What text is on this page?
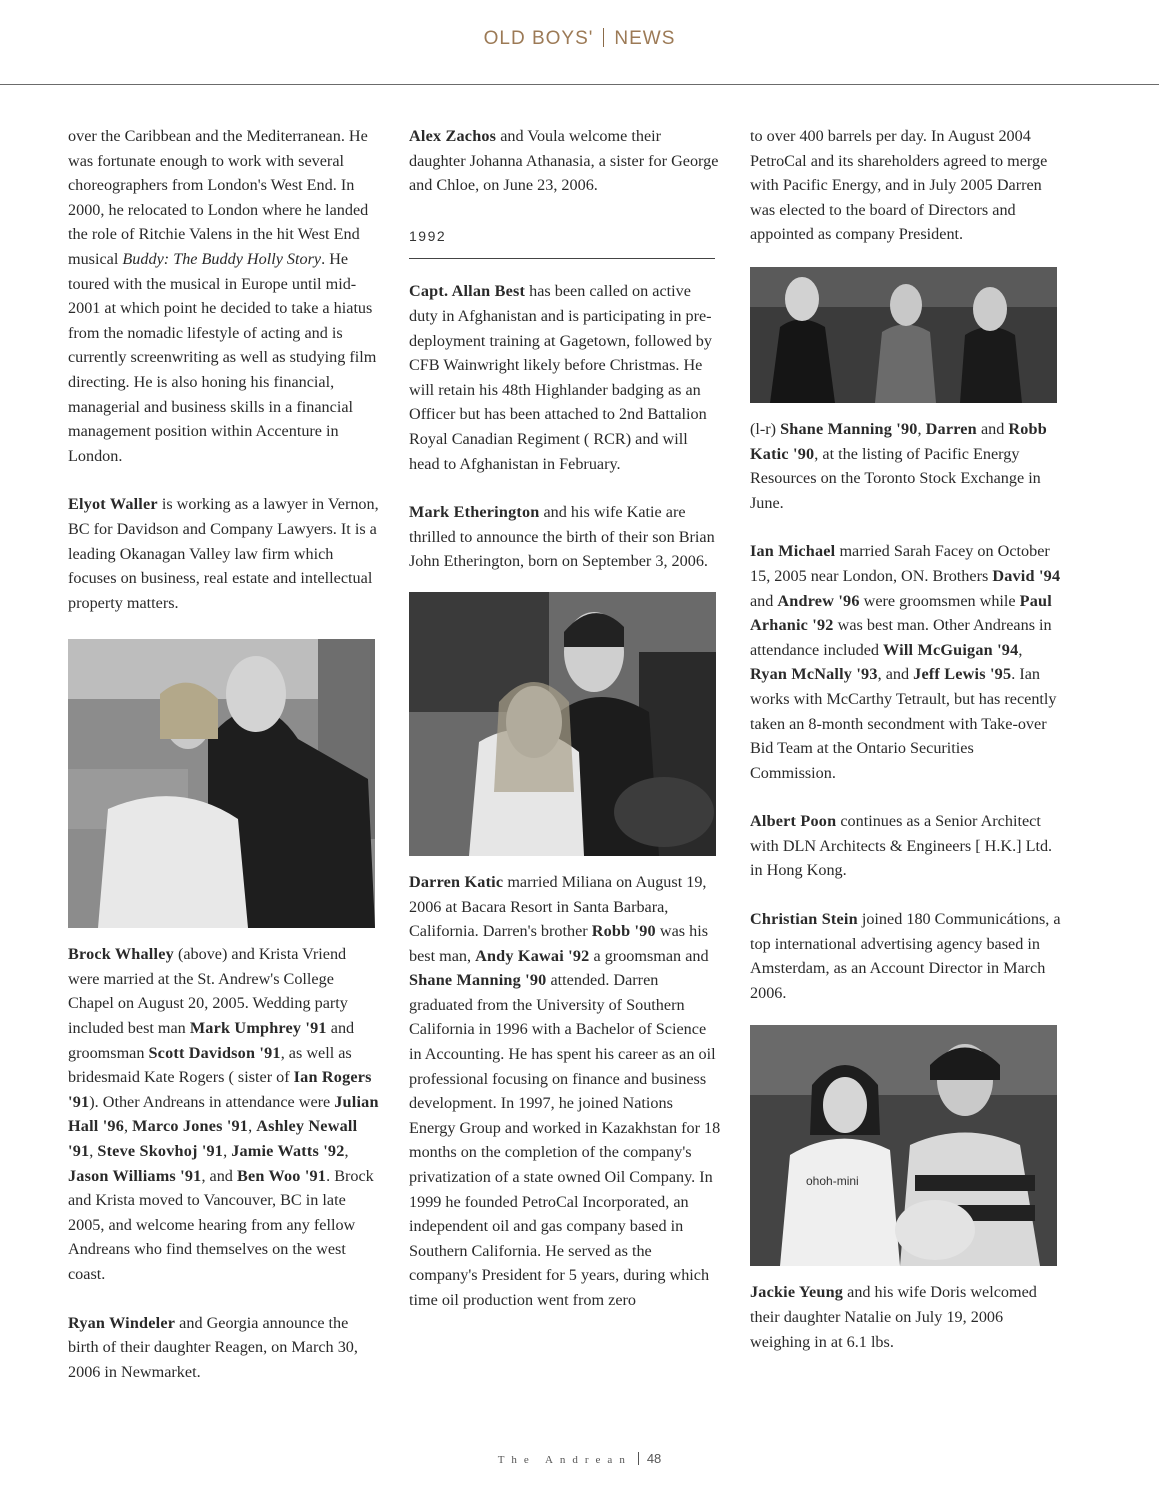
OLD BOYS' NEWS

over the Caribbean and the Mediterranean. He was fortunate enough to work with several choreographers from London's West End. In 2000, he relocated to London where he landed the role of Ritchie Valens in the hit West End musical Buddy: The Buddy Holly Story. He toured with the musical in Europe until mid-2001 at which point he decided to take a hiatus from the nomadic lifestyle of acting and is currently screenwriting as well as studying film directing. He is also honing his financial, managerial and business skills in a financial management position within Accenture in London.

Elyot Waller is working as a lawyer in Vernon, BC for Davidson and Company Lawyers. It is a leading Okanagan Valley law firm which focuses on business, real estate and intellectual property matters.

Brock Whalley (above) and Krista Vriend were married at the St. Andrew's College Chapel on August 20, 2005. Wedding party included best man Mark Umphrey '91 and groomsman Scott Davidson '91, as well as bridesmaid Kate Rogers ( sister of Ian Rogers '91). Other Andreans in attendance were Julian Hall '96, Marco Jones '91, Ashley Newall '91, Steve Skovhoj '91, Jamie Watts '92, Jason Williams '91, and Ben Woo '91. Brock and Krista moved to Vancouver, BC in late 2005, and welcome hearing from any fellow Andreans who find themselves on the west coast.

Ryan Windeler and Georgia announce the birth of their daughter Reagen, on March 30, 2006 in Newmarket.

Alex Zachos and Voula welcome their daughter Johanna Athanasia, a sister for George and Chloe, on June 23, 2006.

1992

Capt. Allan Best has been called on active duty in Afghanistan and is participating in pre-deployment training at Gagetown, followed by CFB Wainwright likely before Christmas. He will retain his 48th Highlander badging as an Officer but has been attached to 2nd Battalion Royal Canadian Regiment ( RCR) and will head to Afghanistan in February.

Mark Etherington and his wife Katie are thrilled to announce the birth of their son Brian John Etherington, born on September 3, 2006.

Darren Katic married Miliana on August 19, 2006 at Bacara Resort in Santa Barbara, California. Darren's brother Robb '90 was his best man, Andy Kawai '92 a groomsman and Shane Manning '90 attended. Darren graduated from the University of Southern California in 1996 with a Bachelor of Science in Accounting. He has spent his career as an oil professional focusing on finance and business development. In 1997, he joined Nations Energy Group and worked in Kazakhstan for 18 months on the completion of the company's privatization of a state owned Oil Company. In 1999 he founded PetroCal Incorporated, an independent oil and gas company based in Southern California. He served as the company's President for 5 years, during which time oil production went from zero

to over 400 barrels per day. In August 2004 PetroCal and its shareholders agreed to merge with Pacific Energy, and in July 2005 Darren was elected to the board of Directors and appointed as company President.

(l-r) Shane Manning '90, Darren and Robb Katic '90, at the listing of Pacific Energy Resources on the Toronto Stock Exchange in June.

Ian Michael married Sarah Facey on October 15, 2005 near London, ON. Brothers David '94 and Andrew '96 were groomsmen while Paul Arhanic '92 was best man. Other Andreans in attendance included Will McGuigan '94, Ryan McNally '93, and Jeff Lewis '95. Ian works with McCarthy Tetrault, but has recently taken an 8-month secondment with Take-over Bid Team at the Ontario Securities Commission.

Albert Poon continues as a Senior Architect with DLN Architects & Engineers [ H.K.] Ltd. in Hong Kong.

Christian Stein joined 180 Communicátions, a top international advertising agency based in Amsterdam, as an Account Director in March 2006.

ohoh-mini

Jackie Yeung and his wife Doris welcomed their daughter Natalie on July 19, 2006 weighing in at 6.1 lbs.

The Andrean 48
